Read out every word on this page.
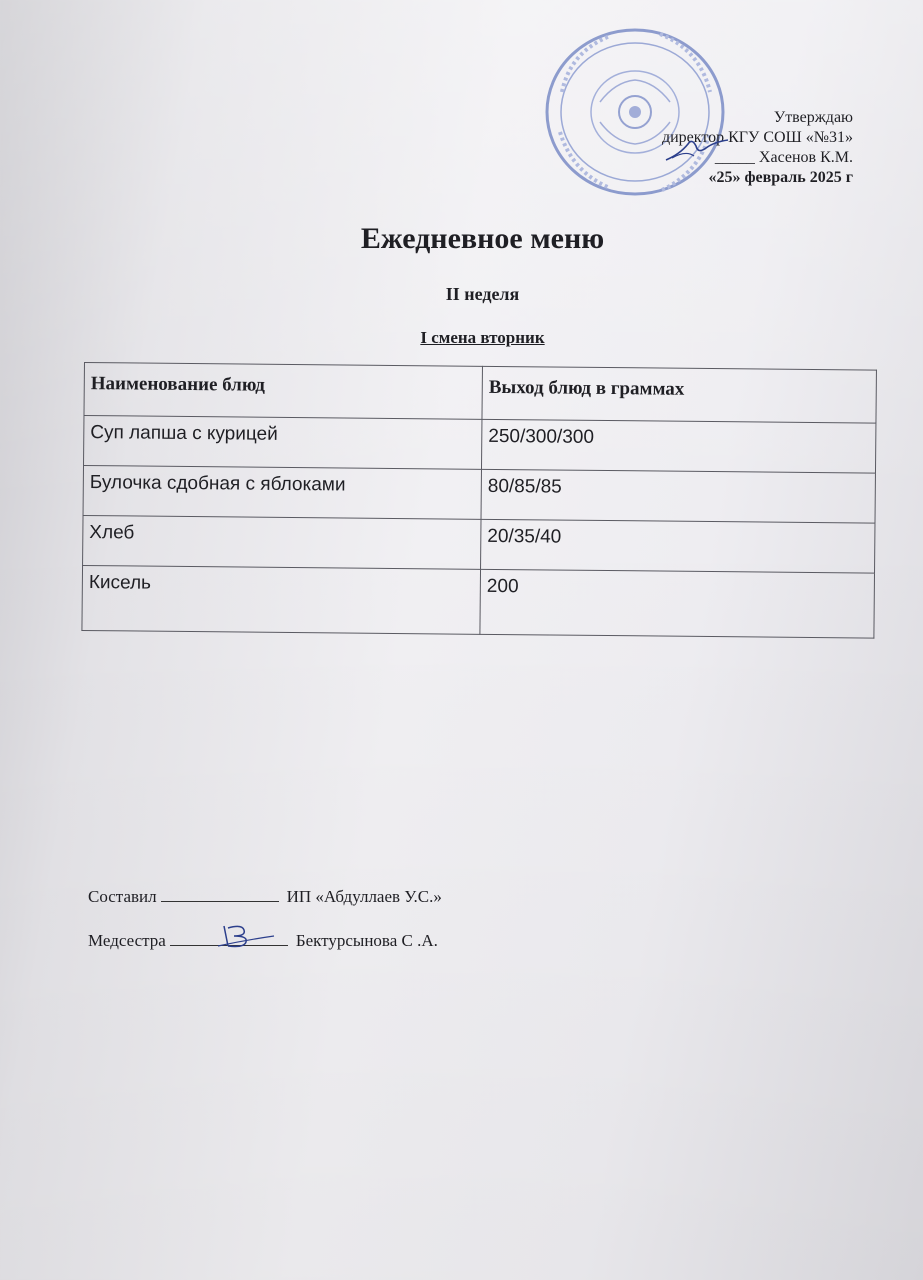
Утверждаю
директор КГУ СОШ «№31»
_____ Хасенов К.М.
«25» февраль 2025 г
Ежедневное меню
II неделя
I смена вторник
Наименование блюд	Выход блюд в граммах
Суп лапша с курицей	250/300/300
Булочка сдобная с яблоками	80/85/85
Хлеб	20/35/40
Кисель	200
Составил	ИП «Абдуллаев У.С.»
Медсестра	Бектурсынова С .А.
